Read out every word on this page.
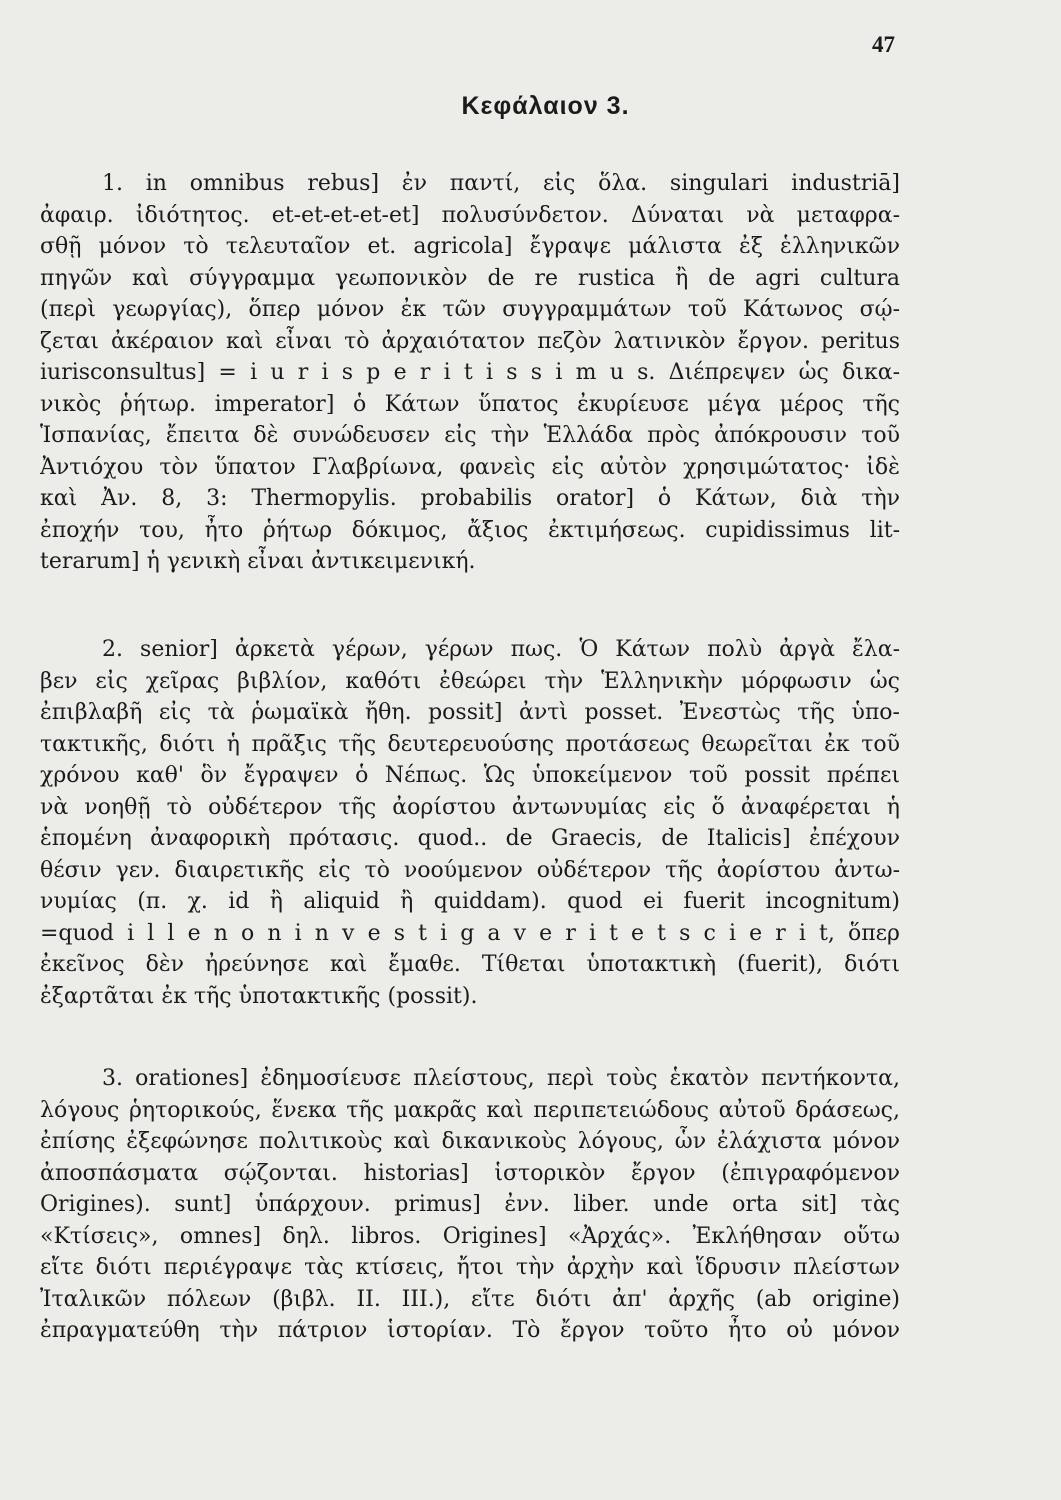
47
Κεφάλαιον 3.
1. in omnibus rebus] ἐν παντί, εἰς ὅλα. singulari industriā]
ἀφαιρ. ἰδιότητος. et-et-et-et-et] πολυσύνδετον. Δύναται νὰ μεταφρα-
σθῇ μόνον τὸ τελευταῖον et. agricola] ἔγραψε μάλιστα ἐξ ἑλληνικῶν
πηγῶν καὶ σύγγραμμα γεωπονικὸν de re rustica ἢ de agri cultura
(περὶ γεωργίας), ὅπερ μόνον ἐκ τῶν συγγραμμάτων τοῦ Κάτωνος σῴ-
ζεται ἀκέραιον καὶ εἶναι τὸ ἀρχαιότατον πεζὸν λατινικὸν ἔργον. peritus
iurisconsultus] = i u r i s p e r i t i s s i m u s. Διέπρεψεν ὡς δικα-
νικὸς ῥήτωρ. imperator] ὁ Κάτων ὕπατος ἐκυρίευσε μέγα μέρος τῆς
Ἱσπανίας, ἔπειτα δὲ συνώδευσεν εἰς τὴν Ἑλλάδα πρὸς ἀπόκρουσιν τοῦ
Ἀντιόχου τὸν ὕπατον Γλαβρίωνα, φανεὶς εἰς αὐτὸν χρησιμώτατος· ἰδὲ
καὶ Ἀν. 8, 3: Thermopylis. probabilis orator] ὁ Κάτων, διὰ τὴν
ἐποχήν του, ἦτο ῥήτωρ δόκιμος, ἄξιος ἐκτιμήσεως. cupidissimus lit-
terarum] ἡ γενικὴ εἶναι ἀντικειμενική.
2. senior] ἀρκετὰ γέρων, γέρων πως. Ὁ Κάτων πολὺ ἀργὰ ἔλα-
βεν εἰς χεῖρας βιβλίον, καθότι ἐθεώρει τὴν Ἑλληνικὴν μόρφωσιν ὡς
ἐπιβλαβῆ εἰς τὰ ῥωμαϊκὰ ἤθη. possit] ἀντὶ posset. Ἐνεστὼς τῆς ὑπο-
τακτικῆς, διότι ἡ πρᾶξις τῆς δευτερευούσης προτάσεως θεωρεῖται ἐκ τοῦ
χρόνου καθ' ὃν ἔγραψεν ὁ Νέπως. Ὡς ὑποκείμενον τοῦ possit πρέπει
νὰ νοηθῇ τὸ οὐδέτερον τῆς ἀορίστου ἀντωνυμίας εἰς ὅ ἀναφέρεται ἡ
ἑπομένη ἀναφορικὴ πρότασις. quod.. de Graecis, de Italicis] ἐπέχουν
θέσιν γεν. διαιρετικῆς εἰς τὸ νοούμενον οὐδέτερον τῆς ἀορίστου ἀντω-
νυμίας (π. χ. id ἢ aliquid ἢ quiddam). quod ei fuerit incognitum)
=quod i l l e n o n i n v e s t i g a v e r i t e t s c i e r i t, ὅπερ
ἐκεῖνος δὲν ἠρεύνησε καὶ ἔμαθε. Τίθεται ὑποτακτικὴ (fuerit), διότι
ἐξαρτᾶται ἐκ τῆς ὑποτακτικῆς (possit).
3. orationes] ἐδημοσίευσε πλείστους, περὶ τοὺς ἑκατὸν πεντήκοντα,
λόγους ῥητορικούς, ἕνεκα τῆς μακρᾶς καὶ περιπετειώδους αὐτοῦ δράσεως,
ἐπίσης ἐξεφώνησε πολιτικοὺς καὶ δικανικοὺς λόγους, ὧν ἐλάχιστα μόνον
ἀποσπάσματα σῴζονται. historias] ἱστορικὸν ἔργον (ἐπιγραφόμενον
Origines). sunt] ὑπάρχουν. primus] ἐνν. liber. unde orta sit] τὰς
«Κτίσεις», omnes] δηλ. libros. Origines] «Ἀρχάς». Ἐκλήθησαν οὕτω
εἴτε διότι περιέγραψε τὰς κτίσεις, ἤτοι τὴν ἀρχὴν καὶ ἵδρυσιν πλείστων
Ἰταλικῶν πόλεων (βιβλ. II. III.), εἴτε διότι ἀπ' ἀρχῆς (ab origine)
ἐπραγματεύθη τὴν πάτριον ἱστορίαν. Τὸ ἔργον τοῦτο ἦτο οὐ μόνον
